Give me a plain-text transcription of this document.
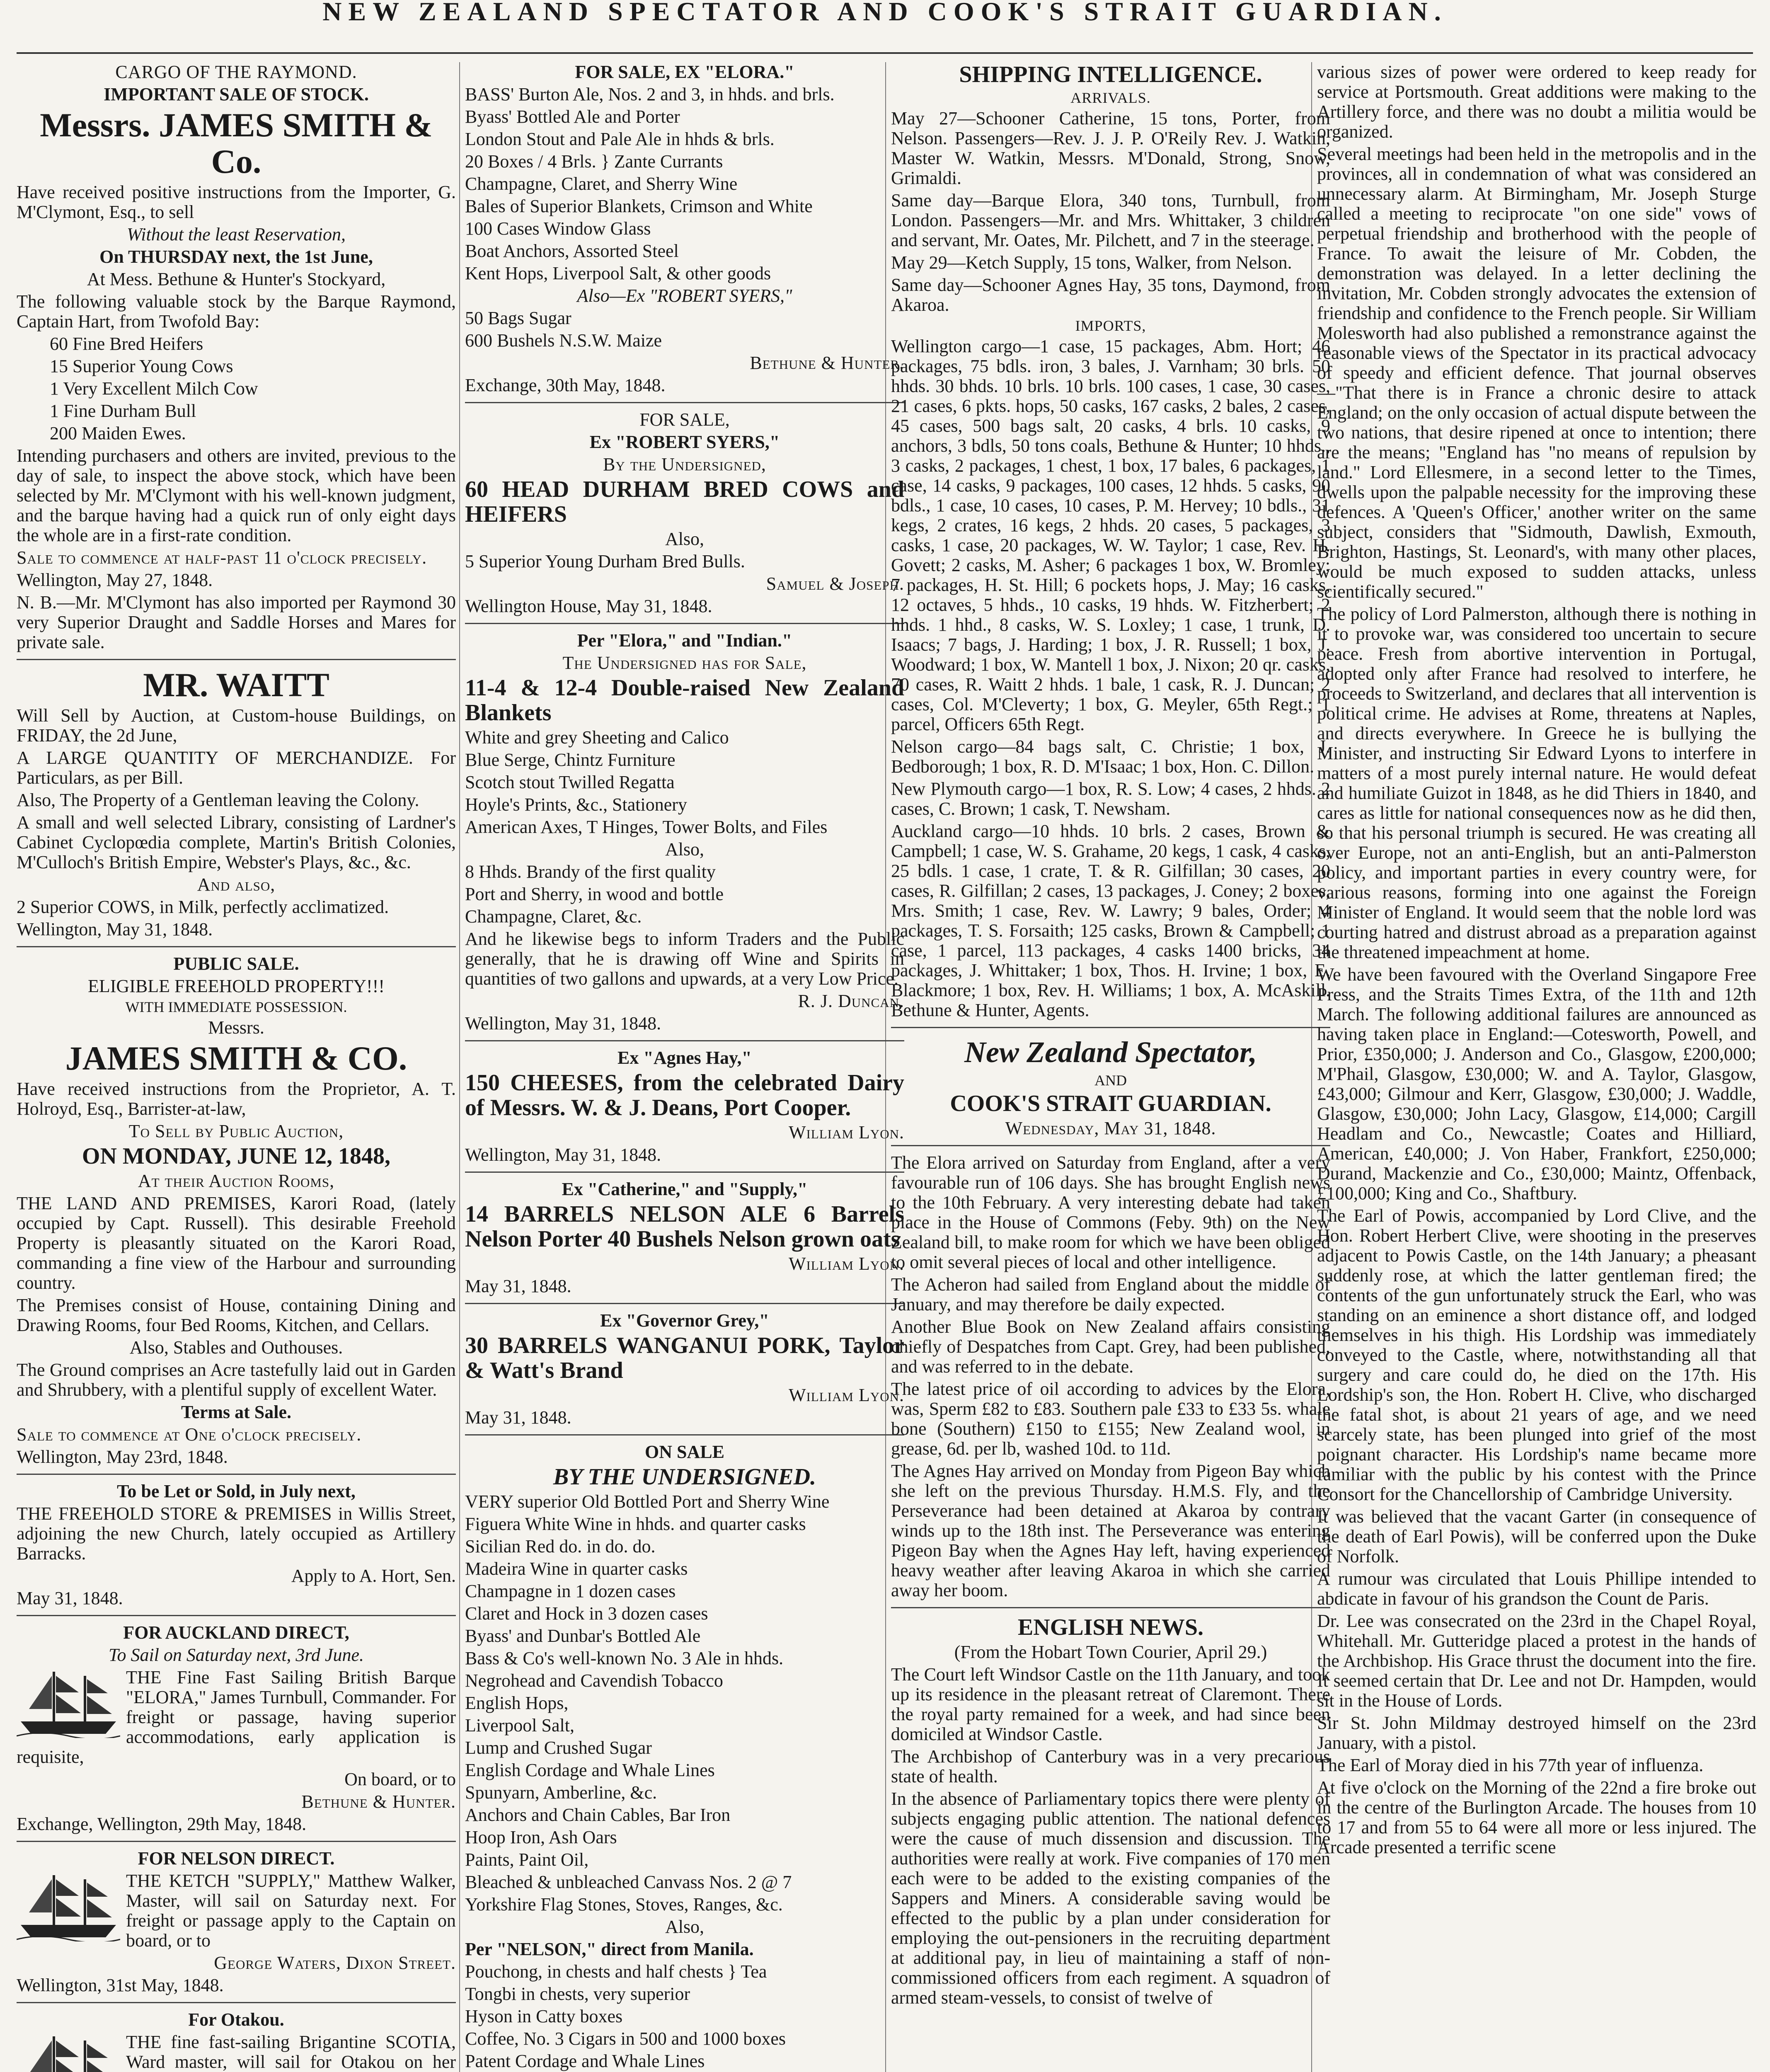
NEW ZEALAND SPECTATOR AND COOK'S STRAIT GUARDIAN.

CARGO OF THE RAYMOND.

IMPORTANT SALE OF STOCK.

Messrs. JAMES SMITH & Co.

Have received positive instructions from the Importer, G. M'Clymont, Esq., to sell

Without the least Reservation,

On THURSDAY next, the 1st June,

At Mess. Bethune & Hunter's Stockyard,

The following valuable stock by the Barque Raymond, Captain Hart, from Twofold Bay:

60 Fine Bred Heifers

15 Superior Young Cows

1 Very Excellent Milch Cow

1 Fine Durham Bull

200 Maiden Ewes.

Intending purchasers and others are invited, previous to the day of sale, to inspect the above stock, which have been selected by Mr. M'Clymont with his well-known judgment, and the barque having had a quick run of only eight days the whole are in a first-rate condition.

Sale to commence at half-past 11 o'clock precisely.

Wellington, May 27, 1848.

N. B.—Mr. M'Clymont has also imported per Raymond 30 very Superior Draught and Saddle Horses and Mares for private sale.

MR. WAITT

Will Sell by Auction, at Custom-house Buildings, on FRIDAY, the 2d June,

A LARGE QUANTITY OF MERCHANDIZE. For Particulars, as per Bill.

Also, The Property of a Gentleman leaving the Colony.

A small and well selected Library, consisting of Lardner's Cabinet Cyclopœdia complete, Martin's British Colonies, M'Culloch's British Empire, Webster's Plays, &c., &c.

And also,

2 Superior COWS, in Milk, perfectly acclimatized.

Wellington, May 31, 1848.

PUBLIC SALE.

ELIGIBLE FREEHOLD PROPERTY!!!

WITH IMMEDIATE POSSESSION.

Messrs.

JAMES SMITH & CO.

Have received instructions from the Proprietor, A. T. Holroyd, Esq., Barrister-at-law,

To Sell by Public Auction,

ON MONDAY, JUNE 12, 1848,

At their Auction Rooms,

THE LAND AND PREMISES, Karori Road, (lately occupied by Capt. Russell). This desirable Freehold Property is pleasantly situated on the Karori Road, commanding a fine view of the Harbour and surrounding country.

The Premises consist of House, containing Dining and Drawing Rooms, four Bed Rooms, Kitchen, and Cellars.

Also, Stables and Outhouses.

The Ground comprises an Acre tastefully laid out in Garden and Shrubbery, with a plentiful supply of excellent Water.

Terms at Sale.

Sale to commence at One o'clock precisely.

Wellington, May 23rd, 1848.

To be Let or Sold, in July next,

THE FREEHOLD STORE & PREMISES in Willis Street, adjoining the new Church, lately occupied as Artillery Barracks.

Apply to A. Hort, Sen.

May 31, 1848.

FOR AUCKLAND DIRECT,

To Sail on Saturday next, 3rd June.

THE Fine Fast Sailing British Barque "ELORA," James Turnbull, Commander. For freight or passage, having superior accommodations, early application is requisite,

On board, or to

Bethune & Hunter.

Exchange, Wellington, 29th May, 1848.

FOR NELSON DIRECT.

THE KETCH "SUPPLY," Matthew Walker, Master, will sail on Saturday next. For freight or passage apply to the Captain on board, or to

George Waters, Dixon Street.

Wellington, 31st May, 1848.

For Otakou.

THE fine fast-sailing Brigantine SCOTIA, Ward master, will sail for Otakou on her

FOR SALE, EX "ELORA."

BASS' Burton Ale, Nos. 2 and 3, in hhds. and brls.

Byass' Bottled Ale and Porter

London Stout and Pale Ale in hhds & brls.

20 Boxes / 4 Brls. } Zante Currants

Champagne, Claret, and Sherry Wine

Bales of Superior Blankets, Crimson and White

100 Cases Window Glass

Boat Anchors, Assorted Steel

Kent Hops, Liverpool Salt, & other goods

Also—Ex "ROBERT SYERS,"

50 Bags Sugar

600 Bushels N.S.W. Maize

Bethune & Hunter.

Exchange, 30th May, 1848.

FOR SALE,

Ex "ROBERT SYERS,"

By the Undersigned,

60 HEAD DURHAM BRED COWS and HEIFERS

Also,

5 Superior Young Durham Bred Bulls.

Samuel & Joseph.

Wellington House, May 31, 1848.

Per "Elora," and "Indian."

The Undersigned has for Sale,

11-4 & 12-4 Double-raised New Zealand Blankets

White and grey Sheeting and Calico

Blue Serge, Chintz Furniture

Scotch stout Twilled Regatta

Hoyle's Prints, &c., Stationery

American Axes, T Hinges, Tower Bolts, and Files

Also,

8 Hhds. Brandy of the first quality

Port and Sherry, in wood and bottle

Champagne, Claret, &c.

And he likewise begs to inform Traders and the Public generally, that he is drawing off Wine and Spirits in quantities of two gallons and upwards, at a very Low Price.

R. J. Duncan.

Wellington, May 31, 1848.

Ex "Agnes Hay,"

150 CHEESES, from the celebrated Dairy of Messrs. W. & J. Deans, Port Cooper.

William Lyon.

Wellington, May 31, 1848.

Ex "Catherine," and "Supply,"

14 BARRELS NELSON ALE 6 Barrels Nelson Porter 40 Bushels Nelson grown oats

William Lyon.

May 31, 1848.

Ex "Governor Grey,"

30 BARRELS WANGANUI PORK, Taylor & Watt's Brand

William Lyon.

May 31, 1848.

ON SALE

BY THE UNDERSIGNED.

VERY superior Old Bottled Port and Sherry Wine

Figuera White Wine in hhds. and quarter casks

Sicilian Red do. in do. do.

Madeira Wine in quarter casks

Champagne in 1 dozen cases

Claret and Hock in 3 dozen cases

Byass' and Dunbar's Bottled Ale

Bass & Co's well-known No. 3 Ale in hhds.

Negrohead and Cavendish Tobacco

English Hops,

Liverpool Salt,

Lump and Crushed Sugar

English Cordage and Whale Lines

Spunyarn, Amberline, &c.

Anchors and Chain Cables, Bar Iron

Hoop Iron, Ash Oars

Paints, Paint Oil,

Bleached & unbleached Canvass Nos. 2 @ 7

Yorkshire Flag Stones, Stoves, Ranges, &c.

Also,

Per "NELSON," direct from Manila.

Pouchong, in chests and half chests } Tea

Tongbi in chests, very superior

Hyson in Catty boxes

Coffee, No. 3 Cigars in 500 and 1000 boxes

Patent Cordage and Whale Lines

SHIPPING INTELLIGENCE.

ARRIVALS.

May 27—Schooner Catherine, 15 tons, Porter, from Nelson. Passengers—Rev. J. J. P. O'Reily Rev. J. Watkin, Master W. Watkin, Messrs. M'Donald, Strong, Snow, Grimaldi.

Same day—Barque Elora, 340 tons, Turnbull, from London. Passengers—Mr. and Mrs. Whittaker, 3 children and servant, Mr. Oates, Mr. Pilchett, and 7 in the steerage.

May 29—Ketch Supply, 15 tons, Walker, from Nelson.

Same day—Schooner Agnes Hay, 35 tons, Daymond, from Akaroa.

IMPORTS,

Wellington cargo—1 case, 15 packages, Abm. Hort; 46 packages, 75 bdls. iron, 3 bales, J. Varnham; 30 brls. 50 hhds. 30 bhds. 10 brls. 10 brls. 100 cases, 1 case, 30 cases, 21 cases, 6 pkts. hops, 50 casks, 167 casks, 2 bales, 2 cases, 45 cases, 500 bags salt, 20 casks, 4 brls. 10 casks, 9 anchors, 3 bdls, 50 tons coals, Bethune & Hunter; 10 hhds., 3 casks, 2 packages, 1 chest, 1 box, 17 bales, 6 packages, 1 case, 14 casks, 9 packages, 100 cases, 12 hhds. 5 casks, 90 bdls., 1 case, 10 cases, 10 cases, P. M. Hervey; 10 bdls., 31 kegs, 2 crates, 16 kegs, 2 hhds. 20 cases, 5 packages, 3 casks, 1 case, 20 packages, W. W. Taylor; 1 case, Rev. H. Govett; 2 casks, M. Asher; 6 packages 1 box, W. Bromley; 7 packages, H. St. Hill; 6 pockets hops, J. May; 16 casks, 12 octaves, 5 hhds., 10 casks, 19 hhds. W. Fitzherbert; 2 hhds. 1 hhd., 8 casks, W. S. Loxley; 1 case, 1 trunk, D. Isaacs; 7 bags, J. Harding; 1 box, J. R. Russell; 1 box, J. Woodward; 1 box, W. Mantell 1 box, J. Nixon; 20 qr. casks, 70 cases, R. Waitt 2 hhds. 1 bale, 1 cask, R. J. Duncan; 2 cases, Col. M'Cleverty; 1 box, G. Meyler, 65th Regt.; 1 parcel, Officers 65th Regt.

Nelson cargo—84 bags salt, C. Christie; 1 box, J. Bedborough; 1 box, R. D. M'Isaac; 1 box, Hon. C. Dillon.

New Plymouth cargo—1 box, R. S. Low; 4 cases, 2 hhds. 2 cases, C. Brown; 1 cask, T. Newsham.

Auckland cargo—10 hhds. 10 brls. 2 cases, Brown & Campbell; 1 case, W. S. Grahame, 20 kegs, 1 cask, 4 casks, 25 bdls. 1 case, 1 crate, T. & R. Gilfillan; 30 cases, 20 cases, R. Gilfillan; 2 cases, 13 packages, J. Coney; 2 boxes, Mrs. Smith; 1 case, Rev. W. Lawry; 9 bales, Order; 4 packages, T. S. Forsaith; 125 casks, Brown & Campbell; 1 case, 1 parcel, 113 packages, 4 casks 1400 bricks, 34 packages, J. Whittaker; 1 box, Thos. H. Irvine; 1 box, E. Blackmore; 1 box, Rev. H. Williams; 1 box, A. McAskill. Bethune & Hunter, Agents.

New Zealand Spectator,

AND

COOK'S STRAIT GUARDIAN.

Wednesday, May 31, 1848.

The Elora arrived on Saturday from England, after a very favourable run of 106 days. She has brought English news to the 10th February. A very interesting debate had taken place in the House of Commons (Feby. 9th) on the New Zealand bill, to make room for which we have been obliged to omit several pieces of local and other intelligence.

The Acheron had sailed from England about the middle of January, and may therefore be daily expected.

Another Blue Book on New Zealand affairs consisting chiefly of Despatches from Capt. Grey, had been published, and was referred to in the debate.

The latest price of oil according to advices by the Elora, was, Sperm £82 to £83. Southern pale £33 to £33 5s. whale bone (Southern) £150 to £155; New Zealand wool, in grease, 6d. per lb, washed 10d. to 11d.

The Agnes Hay arrived on Monday from Pigeon Bay which she left on the previous Thursday. H.M.S. Fly, and the Perseverance had been detained at Akaroa by contrary winds up to the 18th inst. The Perseverance was entering Pigeon Bay when the Agnes Hay left, having experienced heavy weather after leaving Akaroa in which she carried away her boom.

ENGLISH NEWS.

(From the Hobart Town Courier, April 29.)

The Court left Windsor Castle on the 11th January, and took up its residence in the pleasant retreat of Claremont. There the royal party remained for a week, and had since been domiciled at Windsor Castle.

The Archbishop of Canterbury was in a very precarious state of health.

In the absence of Parliamentary topics there were plenty of subjects engaging public attention. The national defences were the cause of much dissension and discussion. The authorities were really at work. Five companies of 170 men each were to be added to the existing companies of the Sappers and Miners. A considerable saving would be effected to the public by a plan under consideration for employing the out-pensioners in the recruiting department at additional pay, in lieu of maintaining a staff of non-commissioned officers from each regiment. A squadron of armed steam-vessels, to consist of twelve of

various sizes of power were ordered to keep ready for service at Portsmouth. Great additions were making to the Artillery force, and there was no doubt a militia would be organized.

Several meetings had been held in the metropolis and in the provinces, all in condemnation of what was considered an unnecessary alarm. At Birmingham, Mr. Joseph Sturge called a meeting to reciprocate "on one side" vows of perpetual friendship and brotherhood with the people of France. To await the leisure of Mr. Cobden, the demonstration was delayed. In a letter declining the invitation, Mr. Cobden strongly advocates the extension of friendship and confidence to the French people. Sir William Molesworth had also published a remonstrance against the reasonable views of the Spectator in its practical advocacy of speedy and efficient defence. That journal observes—"That there is in France a chronic desire to attack England; on the only occasion of actual dispute between the two nations, that desire ripened at once to intention; there are the means; "England has "no means of repulsion by land." Lord Ellesmere, in a second letter to the Times, dwells upon the palpable necessity for the improving these defences. A 'Queen's Officer,' another writer on the same subject, considers that "Sidmouth, Dawlish, Exmouth, Brighton, Hastings, St. Leonard's, with many other places, would be much exposed to sudden attacks, unless scientifically secured."

The policy of Lord Palmerston, although there is nothing in it to provoke war, was considered too uncertain to secure peace. Fresh from abortive intervention in Portugal, adopted only after France had resolved to interfere, he proceeds to Switzerland, and declares that all intervention is political crime. He advises at Rome, threatens at Naples, and directs everywhere. In Greece he is bullying the Minister, and instructing Sir Edward Lyons to interfere in matters of a most purely internal nature. He would defeat and humiliate Guizot in 1848, as he did Thiers in 1840, and cares as little for national consequences now as he did then, so that his personal triumph is secured. He was creating all over Europe, not an anti-English, but an anti-Palmerston policy, and important parties in every country were, for various reasons, forming into one against the Foreign Minister of England. It would seem that the noble lord was courting hatred and distrust abroad as a preparation against the threatened impeachment at home.

We have been favoured with the Overland Singapore Free Press, and the Straits Times Extra, of the 11th and 12th March. The following additional failures are announced as having taken place in England:—Cotesworth, Powell, and Prior, £350,000; J. Anderson and Co., Glasgow, £200,000; M'Phail, Glasgow, £30,000; W. and A. Taylor, Glasgow, £43,000; Gilmour and Kerr, Glasgow, £30,000; J. Waddle, Glasgow, £30,000; John Lacy, Glasgow, £14,000; Cargill Headlam and Co., Newcastle; Coates and Hilliard, American, £40,000; J. Von Haber, Frankfort, £250,000; Durand, Mackenzie and Co., £30,000; Maintz, Offenback, £100,000; King and Co., Shaftbury.

The Earl of Powis, accompanied by Lord Clive, and the Hon. Robert Herbert Clive, were shooting in the preserves adjacent to Powis Castle, on the 14th January; a pheasant suddenly rose, at which the latter gentleman fired; the contents of the gun unfortunately struck the Earl, who was standing on an eminence a short distance off, and lodged themselves in his thigh. His Lordship was immediately conveyed to the Castle, where, notwithstanding all that surgery and care could do, he died on the 17th. His Lordship's son, the Hon. Robert H. Clive, who discharged the fatal shot, is about 21 years of age, and we need scarcely state, has been plunged into grief of the most poignant character. His Lordship's name became more familiar with the public by his contest with the Prince Consort for the Chancellorship of Cambridge University.

It was believed that the vacant Garter (in consequence of the death of Earl Powis), will be conferred upon the Duke of Norfolk.

A rumour was circulated that Louis Phillipe intended to abdicate in favour of his grandson the Count de Paris.

Dr. Lee was consecrated on the 23rd in the Chapel Royal, Whitehall. Mr. Gutteridge placed a protest in the hands of the Archbishop. His Grace thrust the document into the fire. It seemed certain that Dr. Lee and not Dr. Hampden, would sit in the House of Lords.

Sir St. John Mildmay destroyed himself on the 23rd January, with a pistol.

The Earl of Moray died in his 77th year of influenza.

At five o'clock on the Morning of the 22nd a fire broke out in the centre of the Burlington Arcade. The houses from 10 to 17 and from 55 to 64 were all more or less injured. The Arcade presented a terrific scene
